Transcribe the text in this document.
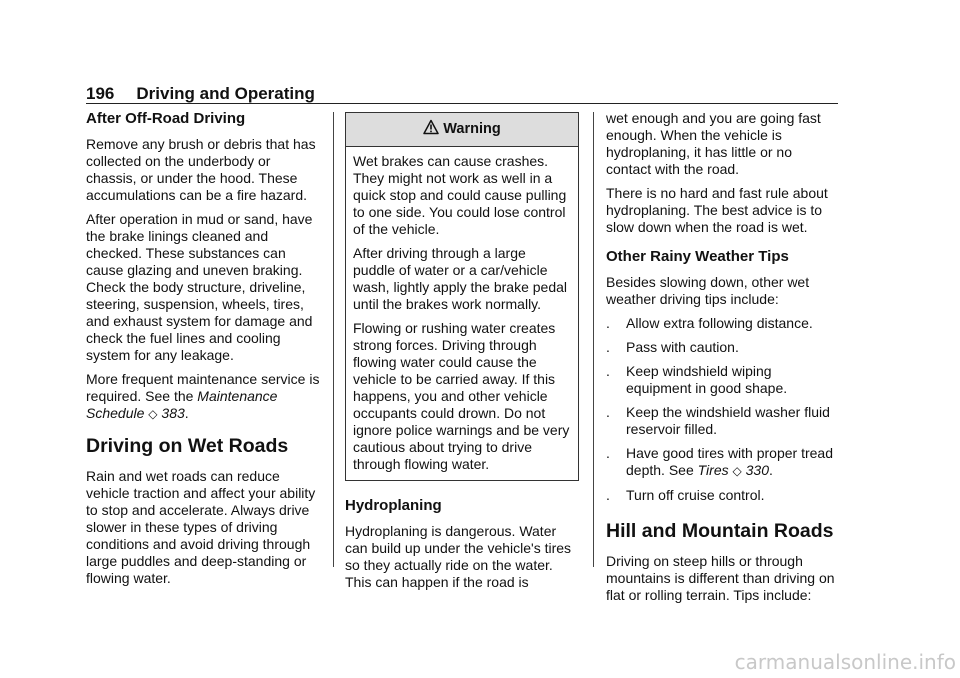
196 Driving and Operating
After Off-Road Driving

Remove any brush or debris that has collected on the underbody or chassis, or under the hood. These accumulations can be a fire hazard.

After operation in mud or sand, have the brake linings cleaned and checked. These substances can cause glazing and uneven braking. Check the body structure, driveline, steering, suspension, wheels, tires, and exhaust system for damage and check the fuel lines and cooling system for any leakage.

More frequent maintenance service is required. See the Maintenance Schedule ◇ 383.

Driving on Wet Roads

Rain and wet roads can reduce vehicle traction and affect your ability to stop and accelerate. Always drive slower in these types of driving conditions and avoid driving through large puddles and deep-standing or flowing water.

Warning

Wet brakes can cause crashes. They might not work as well in a quick stop and could cause pulling to one side. You could lose control of the vehicle.

After driving through a large puddle of water or a car/vehicle wash, lightly apply the brake pedal until the brakes work normally.

Flowing or rushing water creates strong forces. Driving through flowing water could cause the vehicle to be carried away. If this happens, you and other vehicle occupants could drown. Do not ignore police warnings and be very cautious about trying to drive through flowing water.

Hydroplaning

Hydroplaning is dangerous. Water can build up under the vehicle's tires so they actually ride on the water. This can happen if the road is

wet enough and you are going fast enough. When the vehicle is hydroplaning, it has little or no contact with the road.

There is no hard and fast rule about hydroplaning. The best advice is to slow down when the road is wet.

Other Rainy Weather Tips

Besides slowing down, other wet weather driving tips include:

. Allow extra following distance.
. Pass with caution.
. Keep windshield wiping equipment in good shape.
. Keep the windshield washer fluid reservoir filled.
. Have good tires with proper tread depth. See Tires ◇ 330.
. Turn off cruise control.
Hill and Mountain Roads

Driving on steep hills or through mountains is different than driving on flat or rolling terrain. Tips include:

carmanualsonline.info
